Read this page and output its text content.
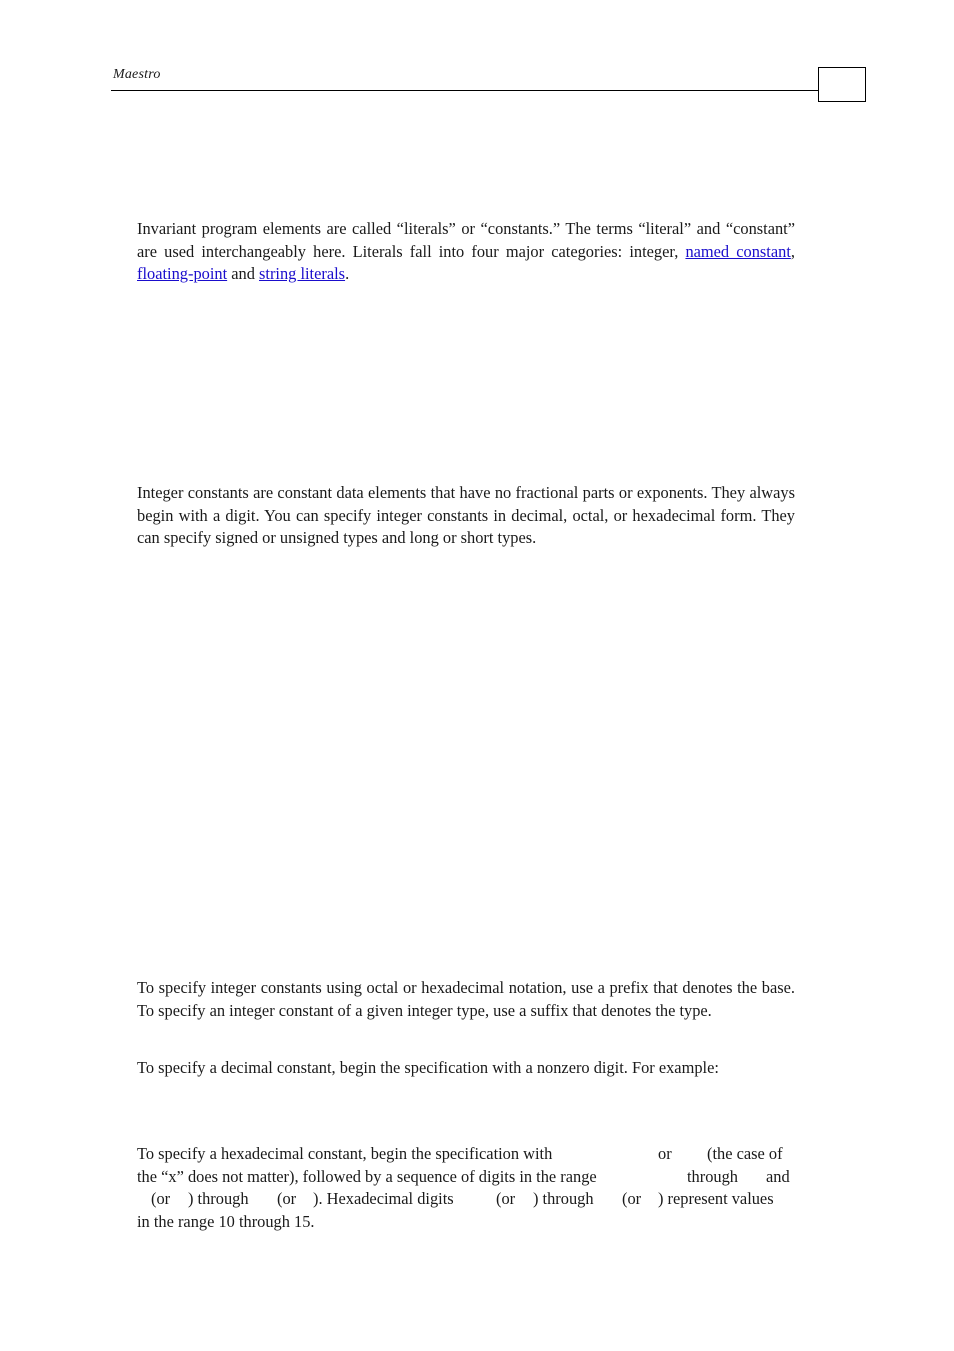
Maestro

Invariant program elements are called “literals” or “constants.” The terms “literal” and “constant” are used interchangeably here. Literals fall into four major categories: integer, named constant, floating-point and string literals.

Integer constants are constant data elements that have no fractional parts or exponents. They always begin with a digit. You can specify integer constants in decimal, octal, or hexadecimal form. They can specify signed or unsigned types and long or short types.

To specify integer constants using octal or hexadecimal notation, use a prefix that denotes the base. To specify an integer constant of a given integer type, use a suffix that denotes the type.

To specify a decimal constant, begin the specification with a nonzero digit. For example:

To specify a hexadecimal constant, begin the specification with	or (the case of
the “x” does not matter), followed by a sequence of digits in the range	through and
(or ) through (or ). Hexadecimal digits	(or ) through (or ) represent values
in the range 10 through 15.
